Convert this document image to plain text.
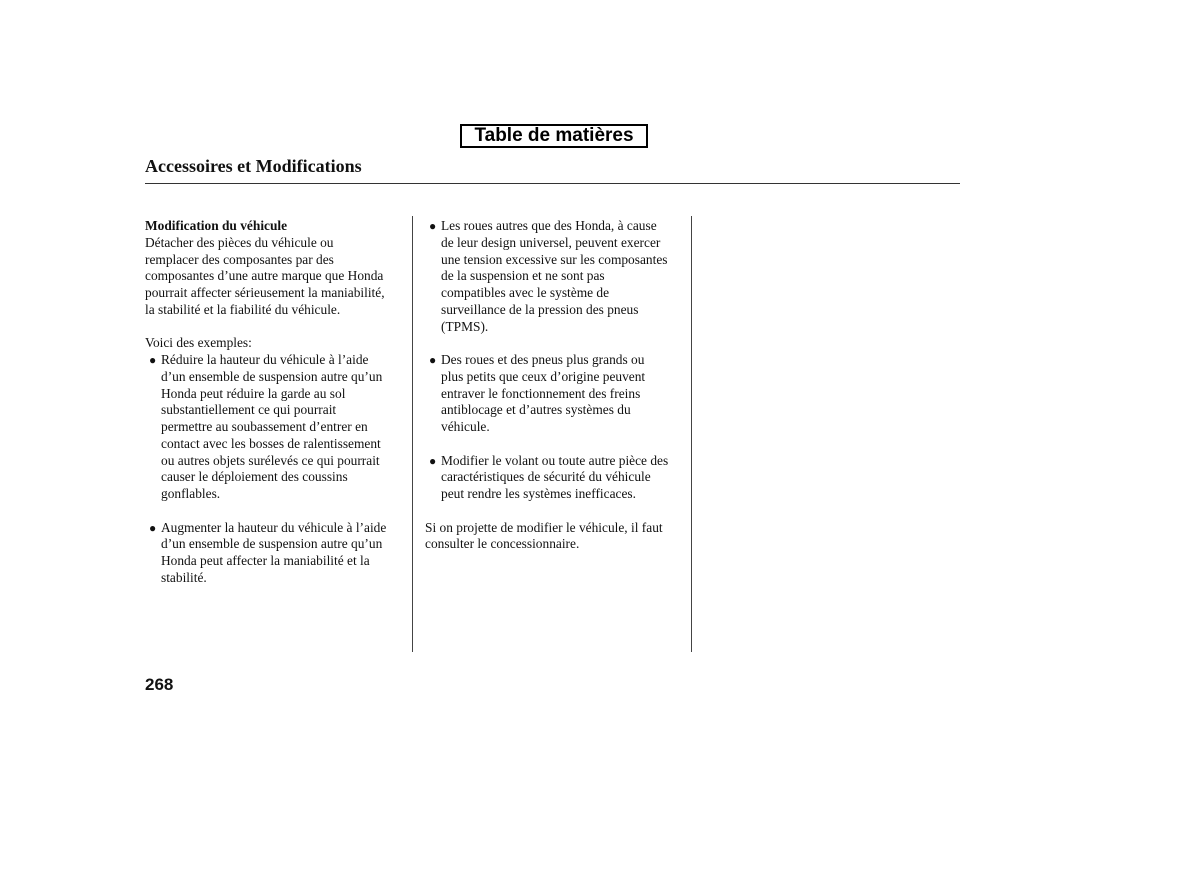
Table de matières
Accessoires et Modifications

Modification du véhicule

Détacher des pièces du véhicule ou
remplacer des composantes par des
composantes d’une autre marque que Honda
pourrait affecter sérieusement la maniabilité,
la stabilité et la fiabilité du véhicule.
Voici des exemples:
● Réduire la hauteur du véhicule à l’aide
d’un ensemble de suspension autre qu’un
Honda peut réduire la garde au sol
substantiellement ce qui pourrait
permettre au soubassement d’entrer en
contact avec les bosses de ralentissement
ou autres objets surélevés ce qui pourrait
causer le déploiement des coussins
gonflables.
● Augmenter la hauteur du véhicule à l’aide
d’un ensemble de suspension autre qu’un
Honda peut affecter la maniabilité et la
stabilité.
● Les roues autres que des Honda, à cause
de leur design universel, peuvent exercer
une tension excessive sur les composantes
de la suspension et ne sont pas
compatibles avec le système de
surveillance de la pression des pneus
(TPMS).
● Des roues et des pneus plus grands ou
plus petits que ceux d’origine peuvent
entraver le fonctionnement des freins
antiblocage et d’autres systèmes du
véhicule.
● Modifier le volant ou toute autre pièce des
caractéristiques de sécurité du véhicule
peut rendre les systèmes inefficaces.
Si on projette de modifier le véhicule, il faut
consulter le concessionnaire.
268
